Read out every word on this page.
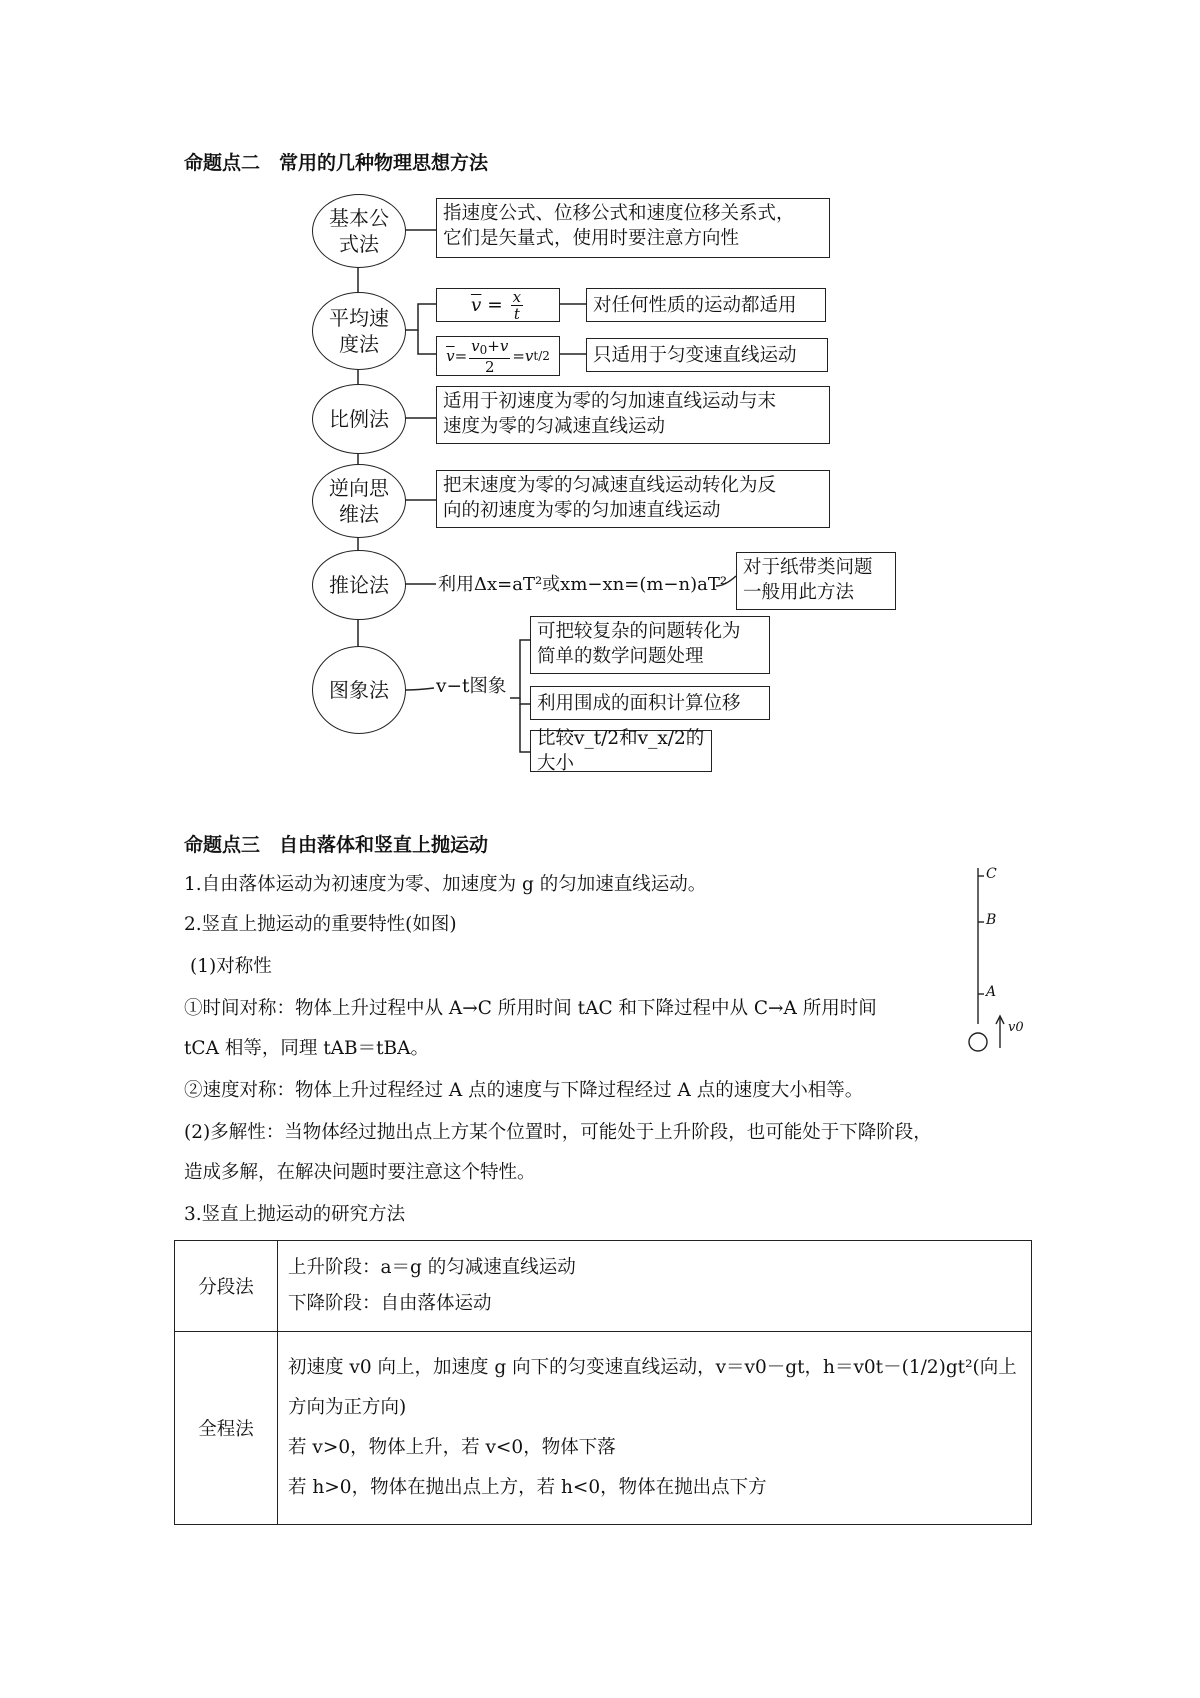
命题点二　常用的几种物理思想方法
基本公式法
平均速度法
比例法
逆向思维法
推论法
图象法
指速度公式、位移公式和速度位移关系式，
它们是矢量式，使用时要注意方向性
$\overline{v} = \frac{x}{t}$	对任何性质的运动都适用
$\overline{v} = \frac{v_0+v}{2} = v$ t/2	只适用于匀变速直线运动
适用于初速度为零的匀加速直线运动与末
速度为零的匀减速直线运动
把末速度为零的匀减速直线运动转化为反
向的初速度为零的匀加速直线运动
利用Δx=aT²或xm−xn=(m−n)aT²
对于纸带类问题
一般用此方法
v−t图象
可把较复杂的问题转化为
简单的数学问题处理
利用围成的面积计算位移
比较v_t/2和v_x/2的大小
命题点三　自由落体和竖直上抛运动
1.自由落体运动为初速度为零、加速度为 g 的匀加速直线运动。
2.竖直上抛运动的重要特性(如图)
(1)对称性
①时间对称：物体上升过程中从 A→C 所用时间 tAC 和下降过程中从 C→A 所用时间
tCA 相等，同理 tAB＝tBA。
②速度对称：物体上升过程经过 A 点的速度与下降过程经过 A 点的速度大小相等。
(2)多解性：当物体经过抛出点上方某个位置时，可能处于上升阶段，也可能处于下降阶段，
造成多解，在解决问题时要注意这个特性。
3.竖直上抛运动的研究方法
C
B
A
v0
分段法	上升阶段：a＝g 的匀减速直线运动
下降阶段：自由落体运动

全程法	初速度 v0 向上，加速度 g 向下的匀变速直线运动，v＝v0－gt，h＝v0t－(1/2)gt²(向上
方向为正方向)
若 v>0，物体上升，若 v<0，物体下落
若 h>0，物体在抛出点上方，若 h<0，物体在抛出点下方
